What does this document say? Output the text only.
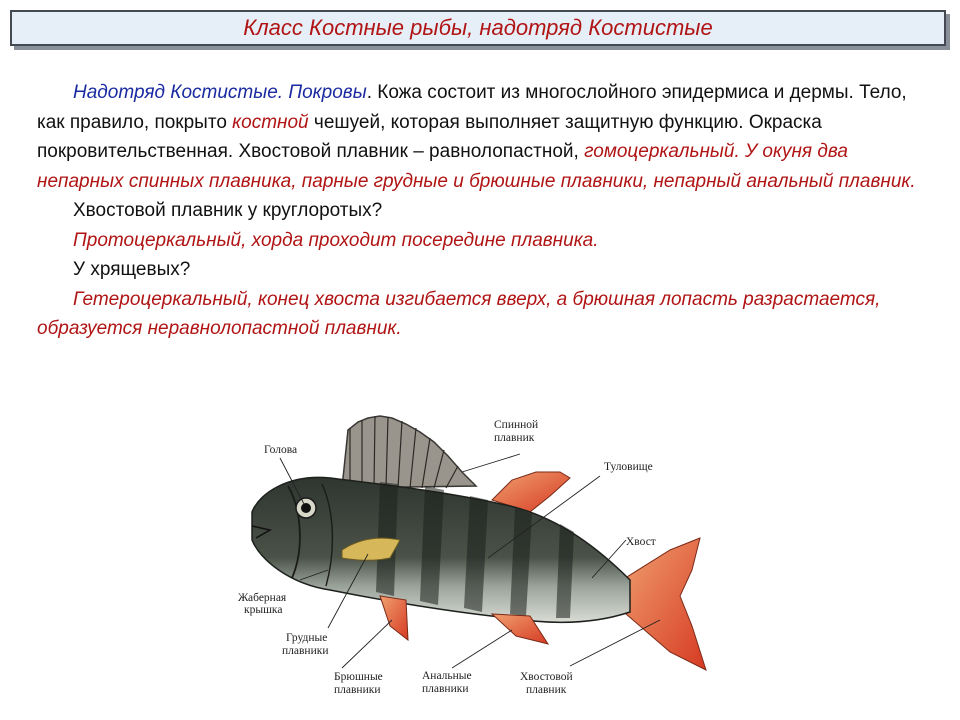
Класс Костные рыбы, надотряд Костистые

Надотряд Костистые. Покровы. Кожа состоит из многослойного эпидермиса и дермы. Тело, как правило, покрыто костной чешуей, которая выполняет защитную функцию. Окраска покровительственная. Хвостовой плавник – равнолопастной, гомоцеркальный. У окуня два непарных спинных плавника, парные грудные и брюшные плавники, непарный анальный плавник.

Хвостовой плавник у круглоротых?

Протоцеркальный, хорда проходит посередине плавника.

У хрящевых?

Гетероцеркальный, конец хвоста изгибается вверх, а брюшная лопасть разрастается, образуется неравнолопастной плавник.

Голова
Спинной
плавник
Туловище
Хвост
Жаберная
крышка
Грудные
плавники
Брюшные
плавники
Анальные
плавники
Хвостовой
плавник
